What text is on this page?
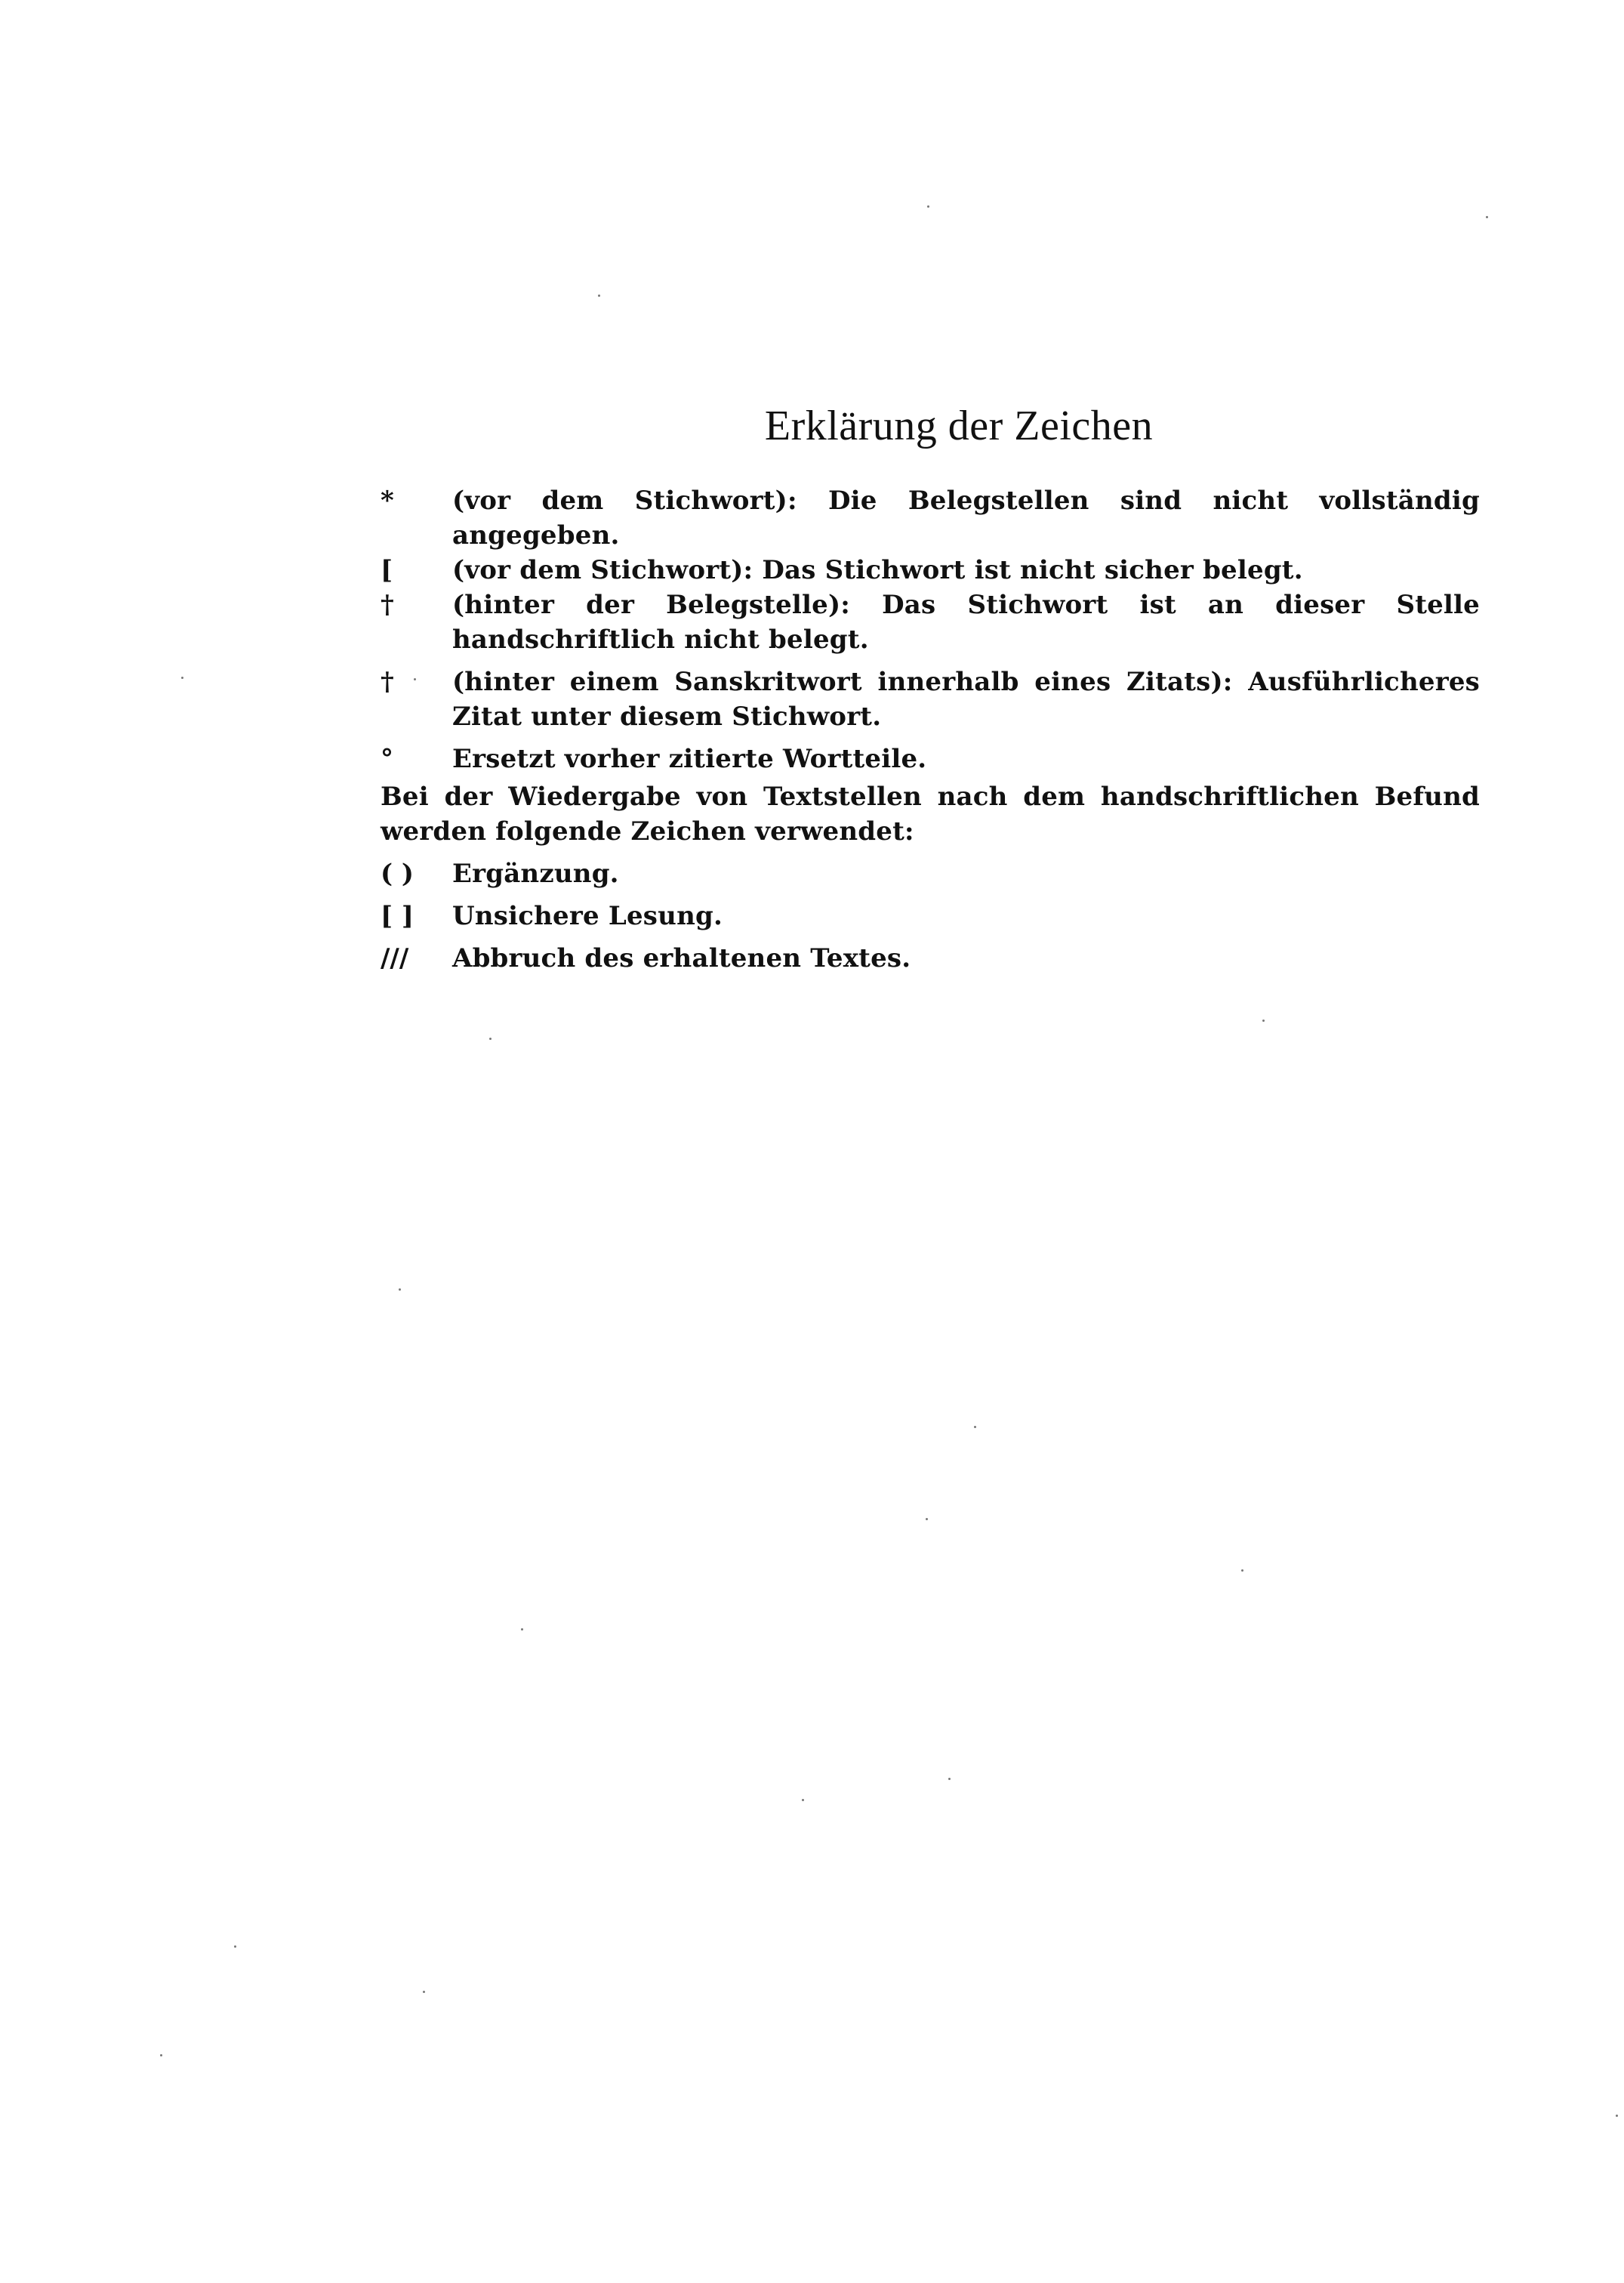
Erklärung der Zeichen
*	(vor dem Stichwort): Die Belegstellen sind nicht vollständig angegeben.
[	(vor dem Stichwort): Das Stichwort ist nicht sicher belegt.
†	(hinter der Belegstelle): Das Stichwort ist an dieser Stelle handschriftlich nicht belegt.
†	(hinter einem Sanskritwort innerhalb eines Zitats): Ausführlicheres Zitat unter diesem Stichwort.
°	Ersetzt vorher zitierte Wortteile.
Bei der Wiedergabe von Textstellen nach dem handschriftlichen Befund werden folgende Zeichen verwendet:
( )	Ergänzung.
[ ]	Unsichere Lesung.
///	Abbruch des erhaltenen Textes.
